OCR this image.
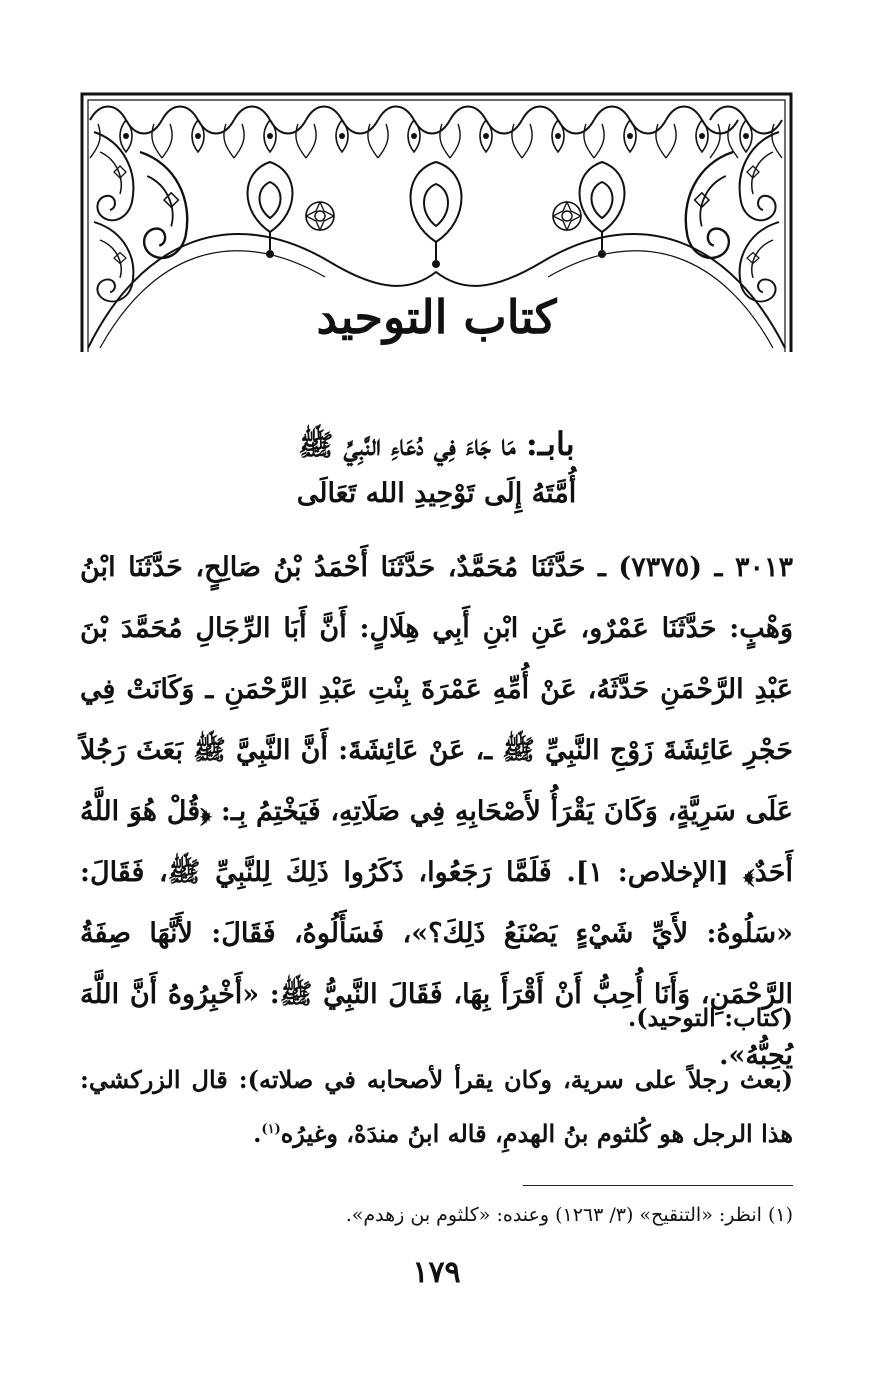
كتاب التوحيد
بابـ: مَا جَاءَ فِي دُعَاءِ النَّبِيِّ ﷺ
أُمَّتَهُ إِلَى تَوْحِيدِ الله تَعَالَى
٣٠١٣ ـ (٧٣٧٥) ـ حَدَّثَنَا مُحَمَّدٌ، حَدَّثَنَا أَحْمَدُ بْنُ صَالِحٍ، حَدَّثَنَا ابْنُ وَهْبٍ: حَدَّثَنَا عَمْرٌو، عَنِ ابْنِ أَبِي هِلَالٍ: أَنَّ أَبَا الرِّجَالِ مُحَمَّدَ بْنَ عَبْدِ الرَّحْمَنِ حَدَّثَهُ، عَنْ أُمِّهِ عَمْرَةَ بِنْتِ عَبْدِ الرَّحْمَنِ ـ وَكَانَتْ فِي حَجْرِ عَائِشَةَ زَوْجِ النَّبِيِّ ﷺ ـ، عَنْ عَائِشَةَ: أَنَّ النَّبِيَّ ﷺ بَعَثَ رَجُلاً عَلَى سَرِيَّةٍ، وَكَانَ يَقْرَأُ لأَصْحَابِهِ فِي صَلَاتِهِ، فَيَخْتِمُ بِـ: ﴿قُلْ هُوَ اللَّهُ أَحَدٌ﴾ [الإخلاص: ١]. فَلَمَّا رَجَعُوا، ذَكَرُوا ذَلِكَ لِلنَّبِيِّ ﷺ، فَقَالَ: «سَلُوهُ: لأَيِّ شَيْءٍ يَصْنَعُ ذَلِكَ؟»، فَسَأَلُوهُ، فَقَالَ: لأَنَّهَا صِفَةُ الرَّحْمَنِ، وَأَنَا أُحِبُّ أَنْ أَقْرَأَ بِهَا، فَقَالَ النَّبِيُّ ﷺ: «أَخْبِرُوهُ أَنَّ اللَّهَ يُحِبُّهُ».

(كتاب: التوحيد).

(بعث رجلاً على سرية، وكان يقرأ لأصحابه في صلاته): قال الزركشي: هذا الرجل هو كُلثوم بنُ الهدمِ، قاله ابنُ مندَهْ، وغيرُه$^{(١)}$.

(١) انظر: «التنقيح» (٣/ ١٢٦٣) وعنده: «كلثوم بن زهدم».
١٧٩
